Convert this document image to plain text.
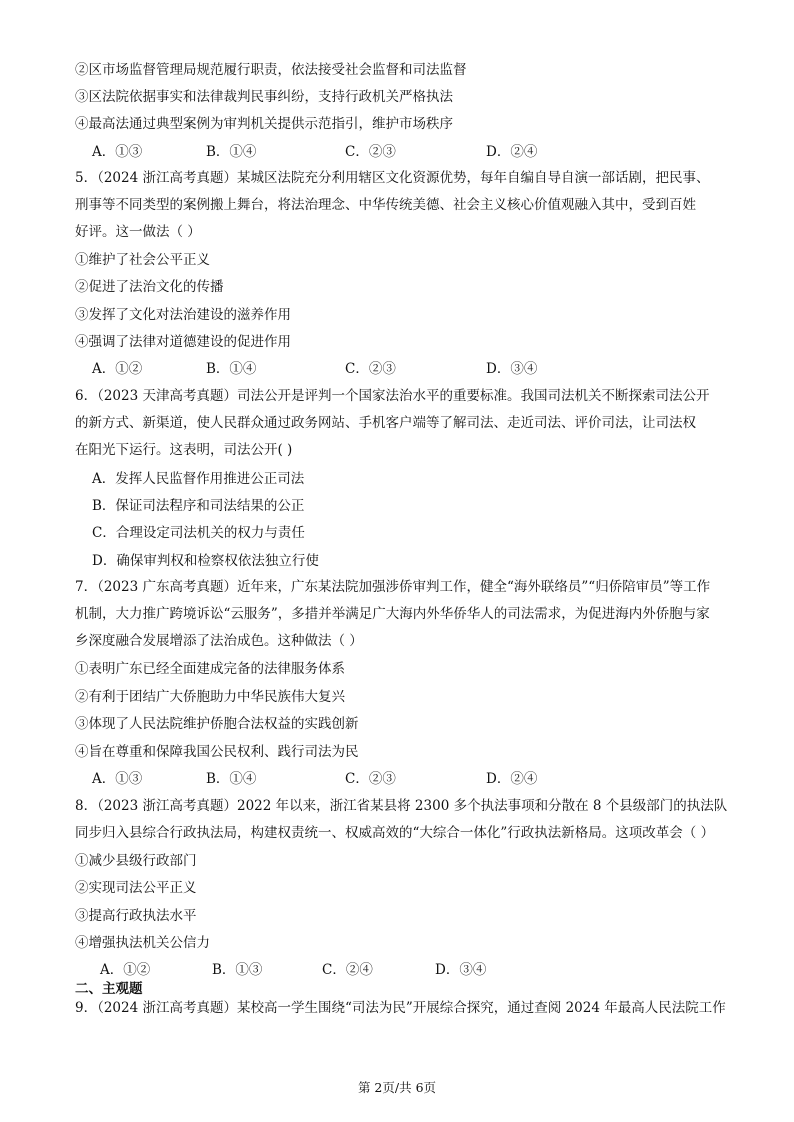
②区市场监督管理局规范履行职责，依法接受社会监督和司法监督
③区法院依据事实和法律裁判民事纠纷，支持行政机关严格执法
④最高法通过典型案例为审判机关提供示范指引，维护市场秩序
A．①③	B．①④	C．②③	D．②④
5．（2024 浙江高考真题）某城区法院充分利用辖区文化资源优势，每年自编自导自演一部话剧，把民事、
刑事等不同类型的案例搬上舞台，将法治理念、中华传统美德、社会主义核心价值观融入其中，受到百姓
好评。这一做法（ ）
①维护了社会公平正义
②促进了法治文化的传播
③发挥了文化对法治建设的滋养作用
④强调了法律对道德建设的促进作用
A．①②	B．①④	C．②③	D．③④
6．（2023 天津高考真题）司法公开是评判一个国家法治水平的重要标准。我国司法机关不断探索司法公开
的新方式、新渠道，使人民群众通过政务网站、手机客户端等了解司法、走近司法、评价司法，让司法权
在阳光下运行。这表明，司法公开( )
A．发挥人民监督作用推进公正司法
B．保证司法程序和司法结果的公正
C．合理设定司法机关的权力与责任
D．确保审判权和检察权依法独立行使
7．（2023 广东高考真题）近年来，广东某法院加强涉侨审判工作，健全“海外联络员”“归侨陪审员”等工作
机制，大力推广跨境诉讼“云服务”，多措并举满足广大海内外华侨华人的司法需求，为促进海内外侨胞与家
乡深度融合发展增添了法治成色。这种做法（ ）
①表明广东已经全面建成完备的法律服务体系
②有利于团结广大侨胞助力中华民族伟大复兴
③体现了人民法院维护侨胞合法权益的实践创新
④旨在尊重和保障我国公民权利、践行司法为民
A．①③	B．①④	C．②③	D．②④
8．（2023 浙江高考真题）2022 年以来，浙江省某县将 2300 多个执法事项和分散在 8 个县级部门的执法队
同步归入县综合行政执法局，构建权责统一、权威高效的“大综合一体化”行政执法新格局。这项改革会（ ）
①减少县级行政部门
②实现司法公平正义
③提高行政执法水平
④增强执法机关公信力
A．①②	B．①③	C．②④	D．③④
二、主观题
9．（2024 浙江高考真题）某校高一学生围绕“司法为民”开展综合探究，通过查阅 2024 年最高人民法院工作
第 2页/共 6页
